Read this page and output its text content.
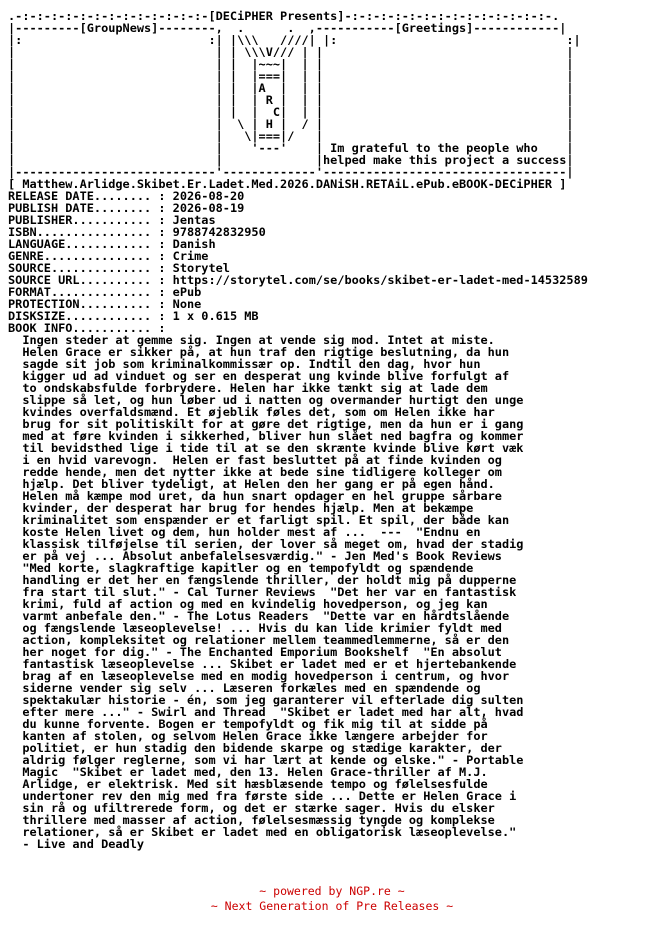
.-:-:-:-:-:-:-:-:-:-:-:-:-:-[DECiPHER Presents]-:-:-:-:-:-:-:-:-:-:-:-:-:-:-.
|---------[GroupNews]--------,  .      .  ,-----------[Greetings]------------|
|:                          :| |\\\   ////| |:                                :|
|                            | | \\\V/// | |                                  |
|                            | |  |~~~|  | |                                  |
|                            | |  |===|  | |                                  |
|                            | |  |A  |  | |                                  |
|                            | |  | R |  | |                                  |
|                            | |  |  C|  | |                                  |
|                            |  \ | H |  / |                                  |
|                            |   \|===|/   |                                  |
|                            |    '---'    | Im grateful to the people who    |
|                            |             |helped make this project a success|
|----------------------------'-------------'----------------------------------|
[ Matthew.Arlidge.Skibet.Er.Ladet.Med.2026.DANiSH.RETAiL.ePub.eBOOK-DECiPHER ]
RELEASE DATE........ : 2026-08-20
PUBLISH DATE........ : 2026-08-19
PUBLISHER........... : Jentas
ISBN................ : 9788742832950
LANGUAGE............ : Danish
GENRE............... : Crime
SOURCE.............. : Storytel
SOURCE URL.......... : https://storytel.com/se/books/skibet-er-ladet-med-14532589
FORMAT.............. : ePub
PROTECTION.......... : None
DISKSIZE............ : 1 x 0.615 MB
BOOK INFO........... :
Ingen steder at gemme sig. Ingen at vende sig mod. Intet at miste.
Helen Grace er sikker på, at hun traf den rigtige beslutning, da hun
sagde sit job som kriminalkommissær op. Indtil den dag, hvor hun
kigger ud ad vinduet og ser en desperat ung kvinde blive forfulgt af
to ondskabsfulde forbrydere. Helen har ikke tænkt sig at lade dem
slippe så let, og hun løber ud i natten og overmander hurtigt den unge
kvindes overfaldsmænd. Et øjeblik føles det, som om Helen ikke har
brug for sit politiskilt for at gøre det rigtige, men da hun er i gang
med at føre kvinden i sikkerhed, bliver hun slået ned bagfra og kommer
til bevidsthed lige i tide til at se den skrænte kvinde blive kørt væk
i en hvid varevogn.  Helen er fast besluttet på at finde kvinden og
redde hende, men det nytter ikke at bede sine tidligere kolleger om
hjælp. Det bliver tydeligt, at Helen den her gang er på egen hånd.
Helen må kæmpe mod uret, da hun snart opdager en hel gruppe sårbare
kvinder, der desperat har brug for hendes hjælp. Men at bekæmpe
kriminalitet som enspænder er et farligt spil. Et spil, der både kan
koste Helen livet og dem, hun holder mest af ...  ---  "Endnu en
klassisk tilføjelse til serien, der lover så meget om, hvad der stadig
er på vej ... Absolut anbefalelsesværdig." - Jen Med's Book Reviews
"Med korte, slagkraftige kapitler og en tempofyldt og spændende
handling er det her en fængslende thriller, der holdt mig på dupperne
fra start til slut." - Cal Turner Reviews  "Det her var en fantastisk
krimi, fuld af action og med en kvindelig hovedperson, og jeg kan
varmt anbefale den." - The Lotus Readers  "Dette var en hårdtslående
og fængslende læseoplevelse! ... Hvis du kan lide krimier fyldt med
action, kompleksitet og relationer mellem teammedlemmerne, så er den
her noget for dig." - The Enchanted Emporium Bookshelf  "En absolut
fantastisk læseoplevelse ... Skibet er ladet med er et hjertebankende
brag af en læseoplevelse med en modig hovedperson i centrum, og hvor
siderne vender sig selv ... Læseren forkæles med en spændende og
spektakulær historie - én, som jeg garanterer vil efterlade dig sulten
efter mere ..." - Swirl and Thread  "Skibet er ladet med har alt, hvad
du kunne forvente. Bogen er tempofyldt og fik mig til at sidde på
kanten af stolen, og selvom Helen Grace ikke længere arbejder for
politiet, er hun stadig den bidende skarpe og stædige karakter, der
aldrig følger reglerne, som vi har lært at kende og elske." - Portable
Magic  "Skibet er ladet med, den 13. Helen Grace-thriller af M.J.
Arlidge, er elektrisk. Med sit hæsblæsende tempo og følelsesfulde
undertoner rev den mig med fra første side ... Dette er Helen Grace i
sin rå og ufiltrerede form, og det er stærke sager. Hvis du elsker
thrillere med masser af action, følelsesmæssig tyngde og komplekse
relationer, så er Skibet er ladet med en obligatorisk læseoplevelse."
- Live and Deadly
~ powered by NGP.re ~
~ Next Generation of Pre Releases ~
